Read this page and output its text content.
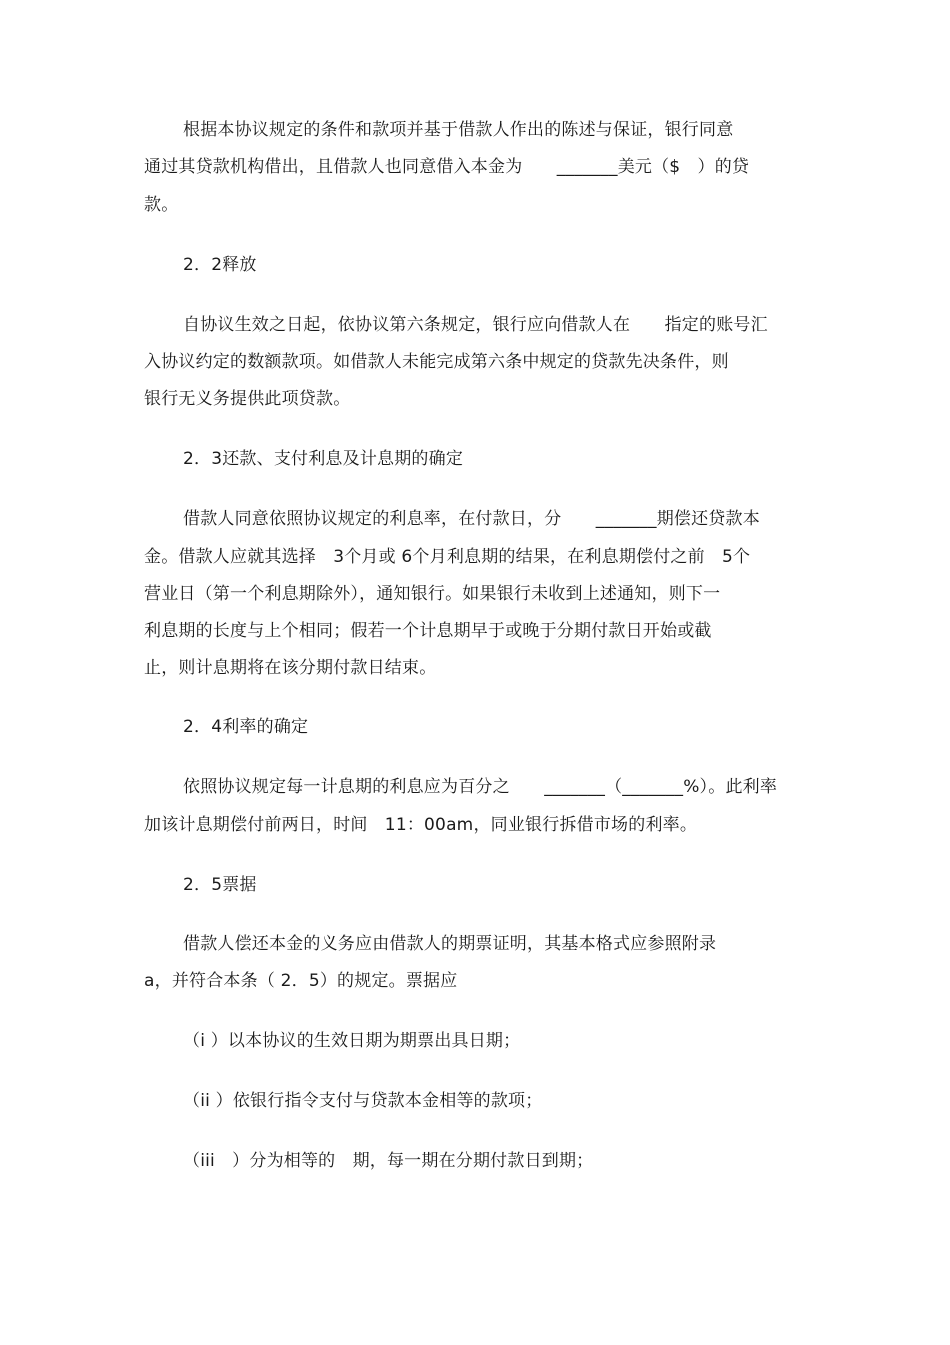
根据本协议规定的条件和款项并基于借款人作出的陈述与保证，银行同意
通过其贷款机构借出，且借款人也同意借入本金为　　_______美元（$　）的贷
款。
2．2释放
自协议生效之日起，依协议第六条规定，银行应向借款人在　　指定的账号汇
入协议约定的数额款项。如借款人未能完成第六条中规定的贷款先决条件，则
银行无义务提供此项贷款。
2．3还款、支付利息及计息期的确定
借款人同意依照协议规定的利息率，在付款日，分　　_______期偿还贷款本
金。借款人应就其选择　3个月或 6个月利息期的结果，在利息期偿付之前　5个
营业日（第一个利息期除外），通知银行。如果银行未收到上述通知，则下一
利息期的长度与上个相同；假若一个计息期早于或晚于分期付款日开始或截
止，则计息期将在该分期付款日结束。
2．4利率的确定
依照协议规定每一计息期的利息应为百分之　　_______（_______%）。此利率
加该计息期偿付前两日，时间　11：00am，同业银行拆借市场的利率。
2．5票据
借款人偿还本金的义务应由借款人的期票证明，其基本格式应参照附录
a，并符合本条（ 2．5）的规定。票据应
（i ）以本协议的生效日期为期票出具日期；
（ii ）依银行指令支付与贷款本金相等的款项；
（iii　）分为相等的　期，每一期在分期付款日到期；
